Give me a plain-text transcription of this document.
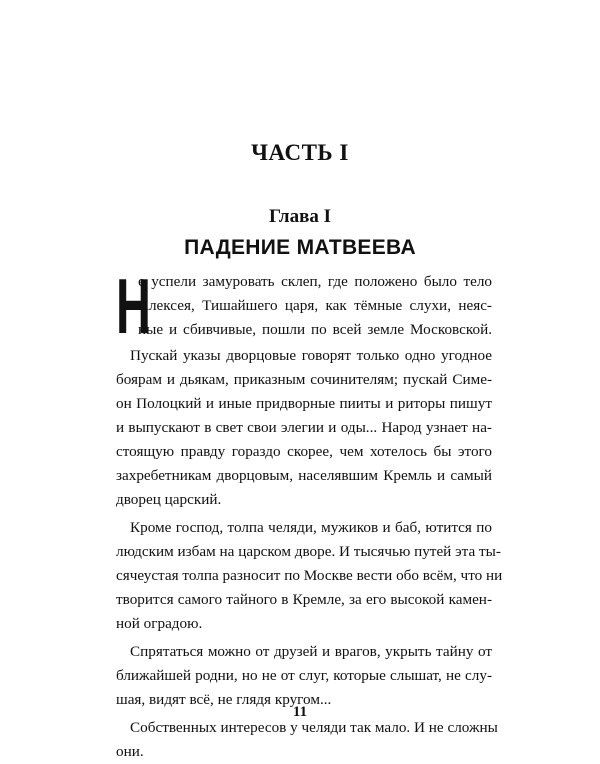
ЧАСТЬ I
Глава I
ПАДЕНИЕ МАТВЕЕВА
Н
е успели замуровать склеп, где положено было тело
Алексея, Тишайшего царя, как тёмные слухи, неяс-
ные и сбивчивые, пошли по всей земле Московской.
Пускай указы дворцовые говорят только одно угодное
боярам и дьякам, приказным сочинителям; пускай Симе-
он Полоцкий и иные придворные пииты и риторы пишут
и выпускают в свет свои элегии и оды... Народ узнает на-
стоящую правду гораздо скорее, чем хотелось бы этого
захребетникам дворцовым, населявшим Кремль и самый
дворец царский.
Кроме господ, толпа челяди, мужиков и баб, ютится по
людским избам на царском дворе. И тысячью путей эта ты-
сячеустая толпа разносит по Москве вести обо всём, что ни
творится самого тайного в Кремле, за его высокой камен-
ной оградою.
Спрятаться можно от друзей и врагов, укрыть тайну от
ближайшей родни, но не от слуг, которые слышат, не слу-
шая, видят всё, не глядя кругом...
Собственных интересов у челяди так мало. И не сложны
они.
11
